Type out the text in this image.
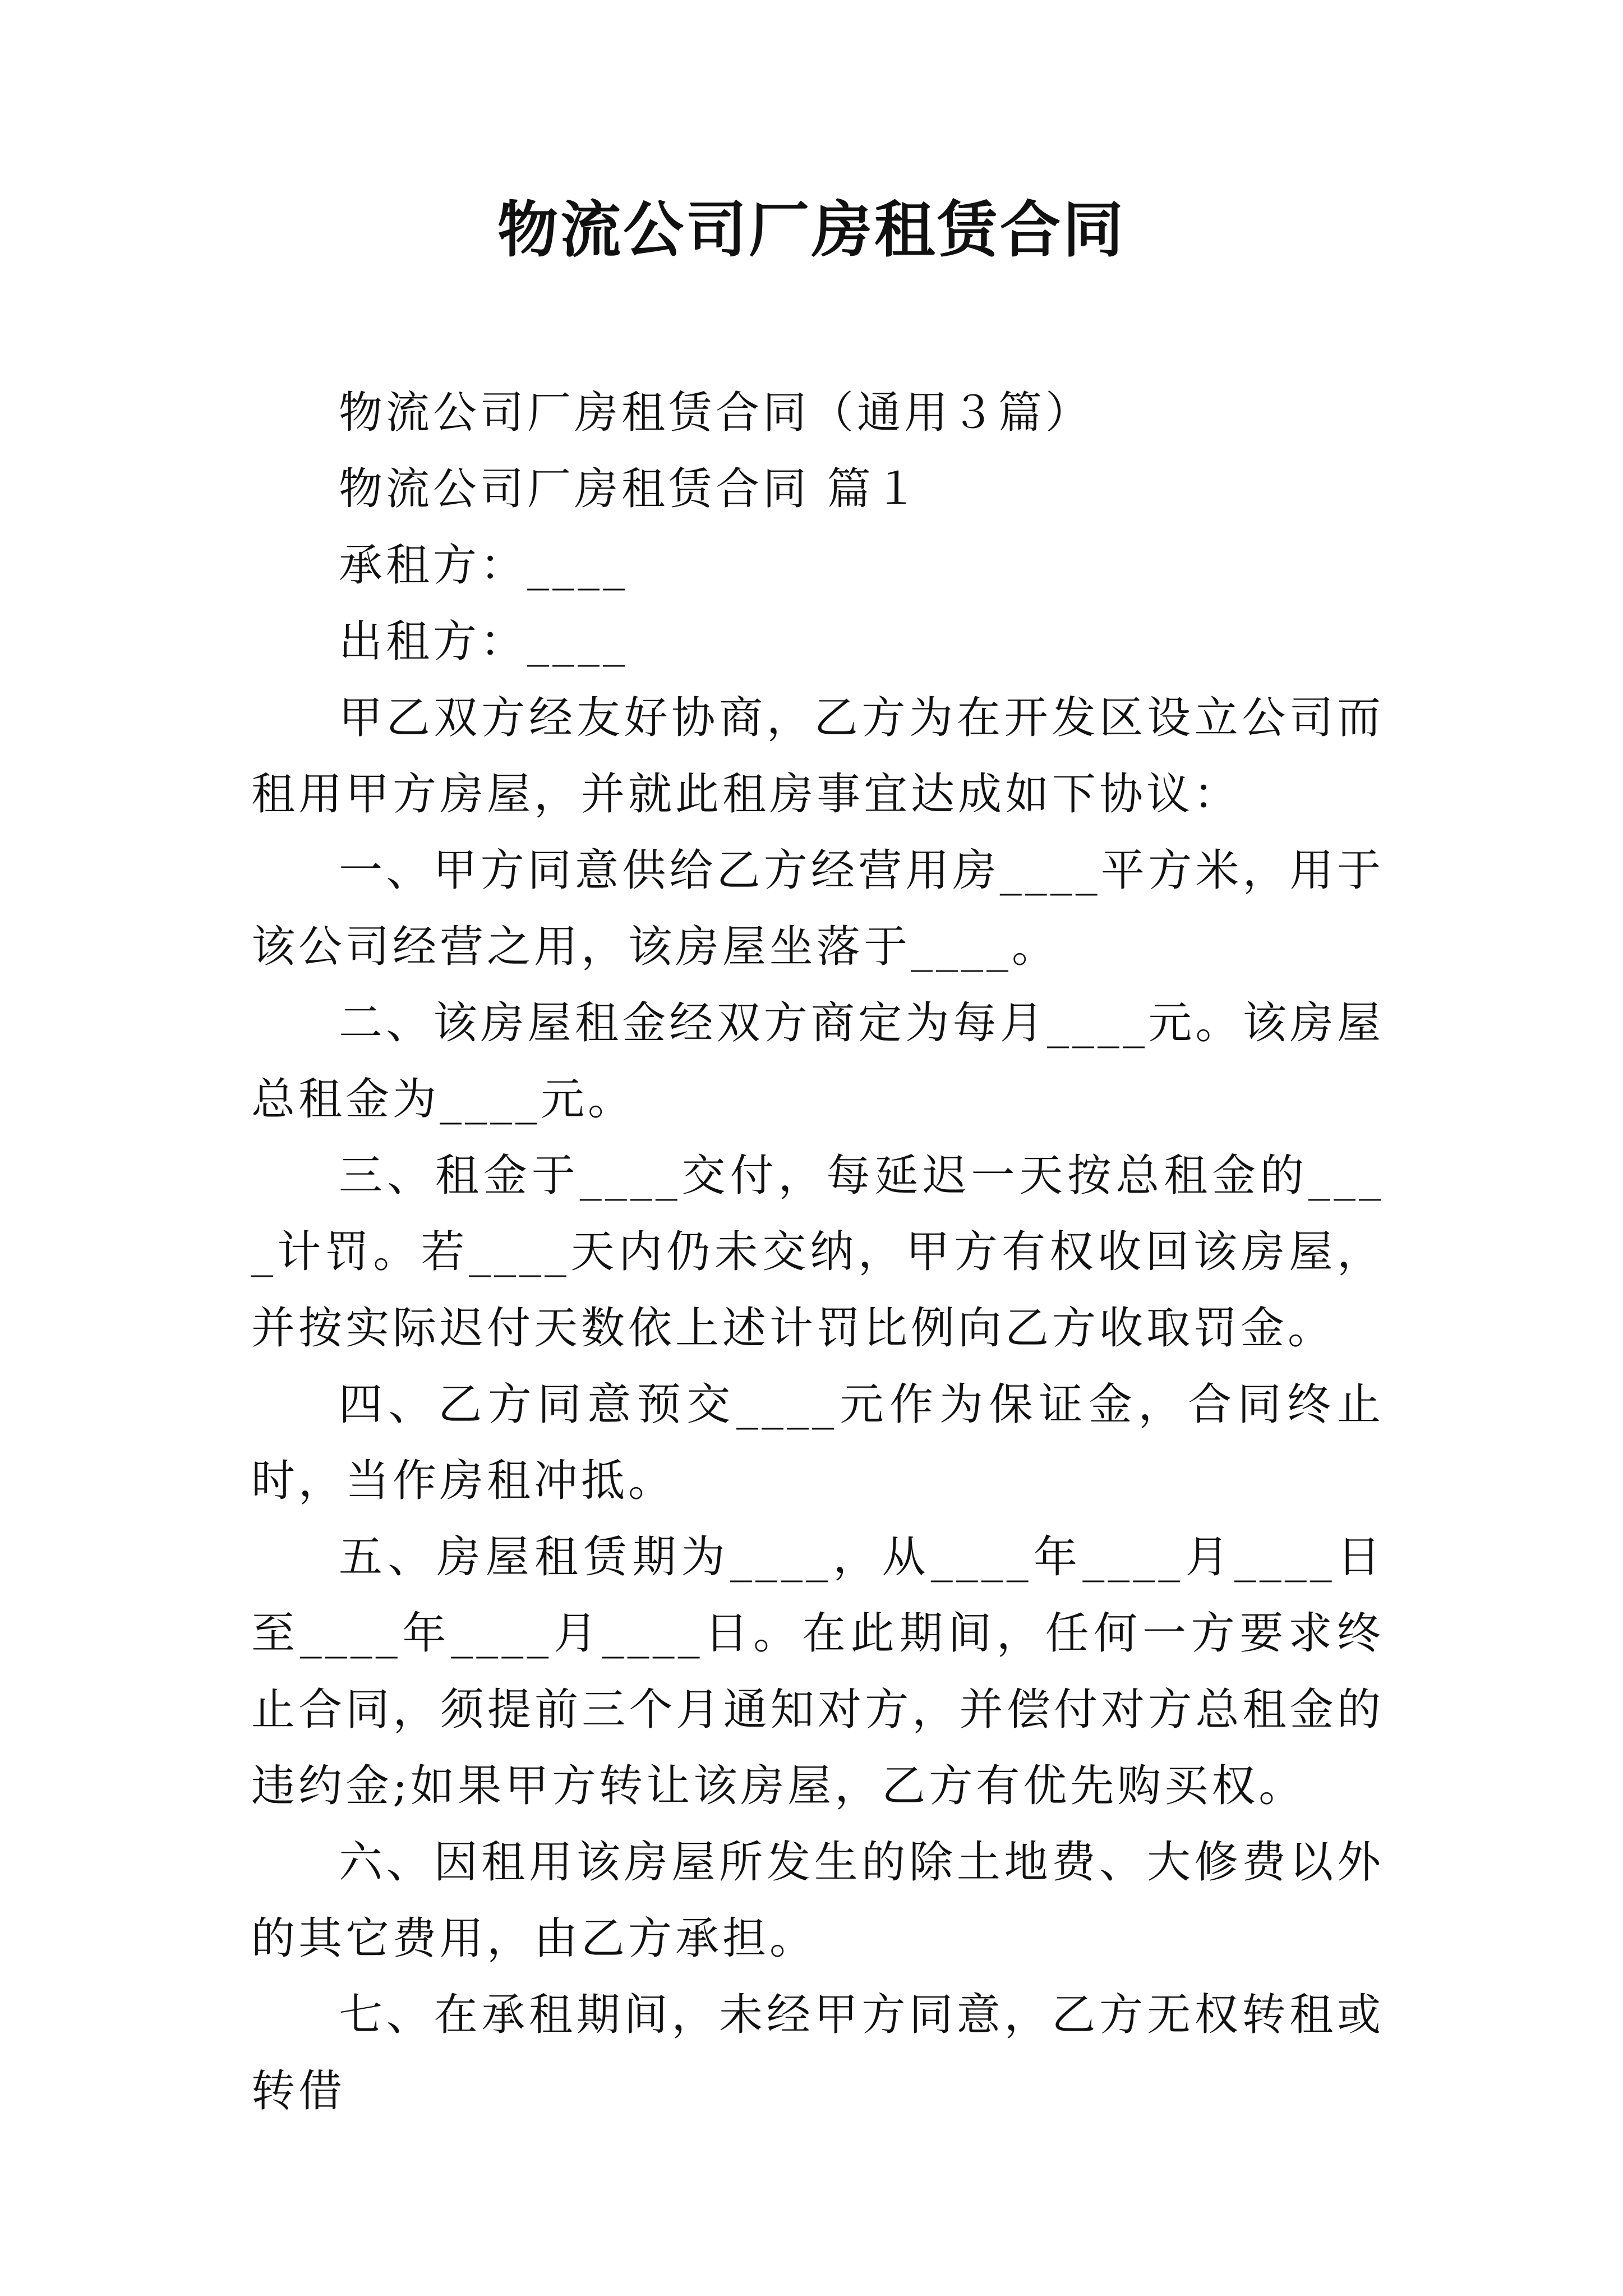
物流公司厂房租赁合同

物流公司厂房租赁合同（通用３篇）

物流公司厂房租赁合同 篇１

承租方：____

出租方：____

甲乙双方经友好协商，乙方为在开发区设立公司而租用甲方房屋，并就此租房事宜达成如下协议：

一、甲方同意供给乙方经营用房____平方米，用于该公司经营之用，该房屋坐落于____。

二、该房屋租金经双方商定为每月____元。该房屋总租金为____元。

三、租金于____交付，每延迟一天按总租金的____计罚。若____天内仍未交纳，甲方有权收回该房屋，并按实际迟付天数依上述计罚比例向乙方收取罚金。

四、乙方同意预交____元作为保证金，合同终止时，当作房租冲抵。

五、房屋租赁期为____，从____年____月____日至____年____月____日。在此期间，任何一方要求终止合同，须提前三个月通知对方，并偿付对方总租金的违约金;如果甲方转让该房屋，乙方有优先购买权。

六、因租用该房屋所发生的除土地费、大修费以外的其它费用，由乙方承担。

七、在承租期间，未经甲方同意，乙方无权转租或转借
